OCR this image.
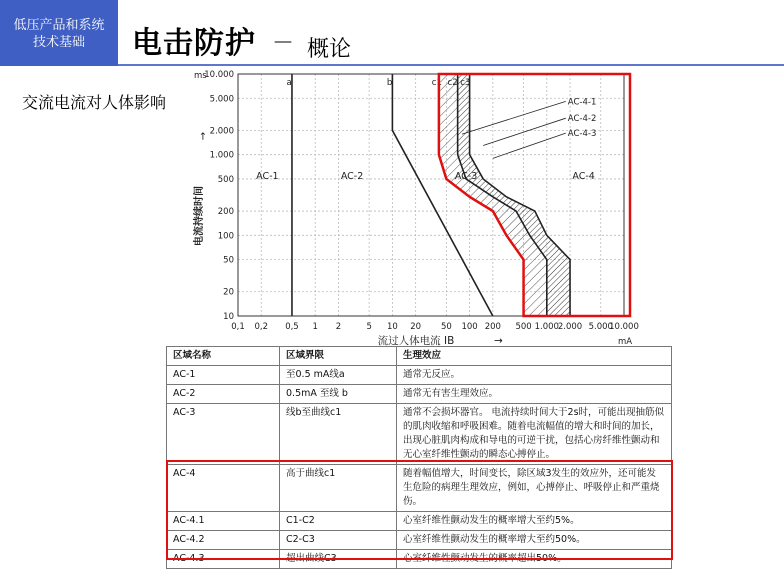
低压产品和系统
技术基础	电击防护 － 概论
交流电流对人体影响
0,1 0,2 0,5 1 2	5 10 20 50 100 200 500 1.000
2.000 5.000
10.000
10.000
5.000
2.000
1.000
500
200
100
50
20
10
ms
mA
流过人体电流 IB	→
电流持续时间
→
AC-1	AC-2	AC-3	AC-4
a	b	c1 c2 c3
AC-4-1
AC-4-2
AC-4-3
区域名称	区域界限	生理效应
AC-1	至0.5 mA线a	通常无反应。
AC-2	0.5mA 至线 b	通常无有害生理效应。
AC-3	线b至曲线c1	通常不会损坏器官。 电流持续时间大于2s时，可能出现抽筋似的肌肉收缩和呼吸困难。随着电流幅值的增大和时间的加长，出现心脏肌肉构成和导电的可逆干扰，包括心房纤维性颤动和无心室纤维性颤动的瞬态心搏停止。
AC-4	高于曲线c1	随着幅值增大，时间变长，除区域3发生的效应外，还可能发生危险的病理生理效应，例如，心搏停止、呼吸停止和严重烧伤。
AC-4.1	C1-C2	心室纤维性颤动发生的概率增大至约5%。
AC-4.2	C2-C3	心室纤维性颤动发生的概率增大至约50%。
AC-4.3	超出曲线C3	心室纤维性颤动发生的概率超出50%。
